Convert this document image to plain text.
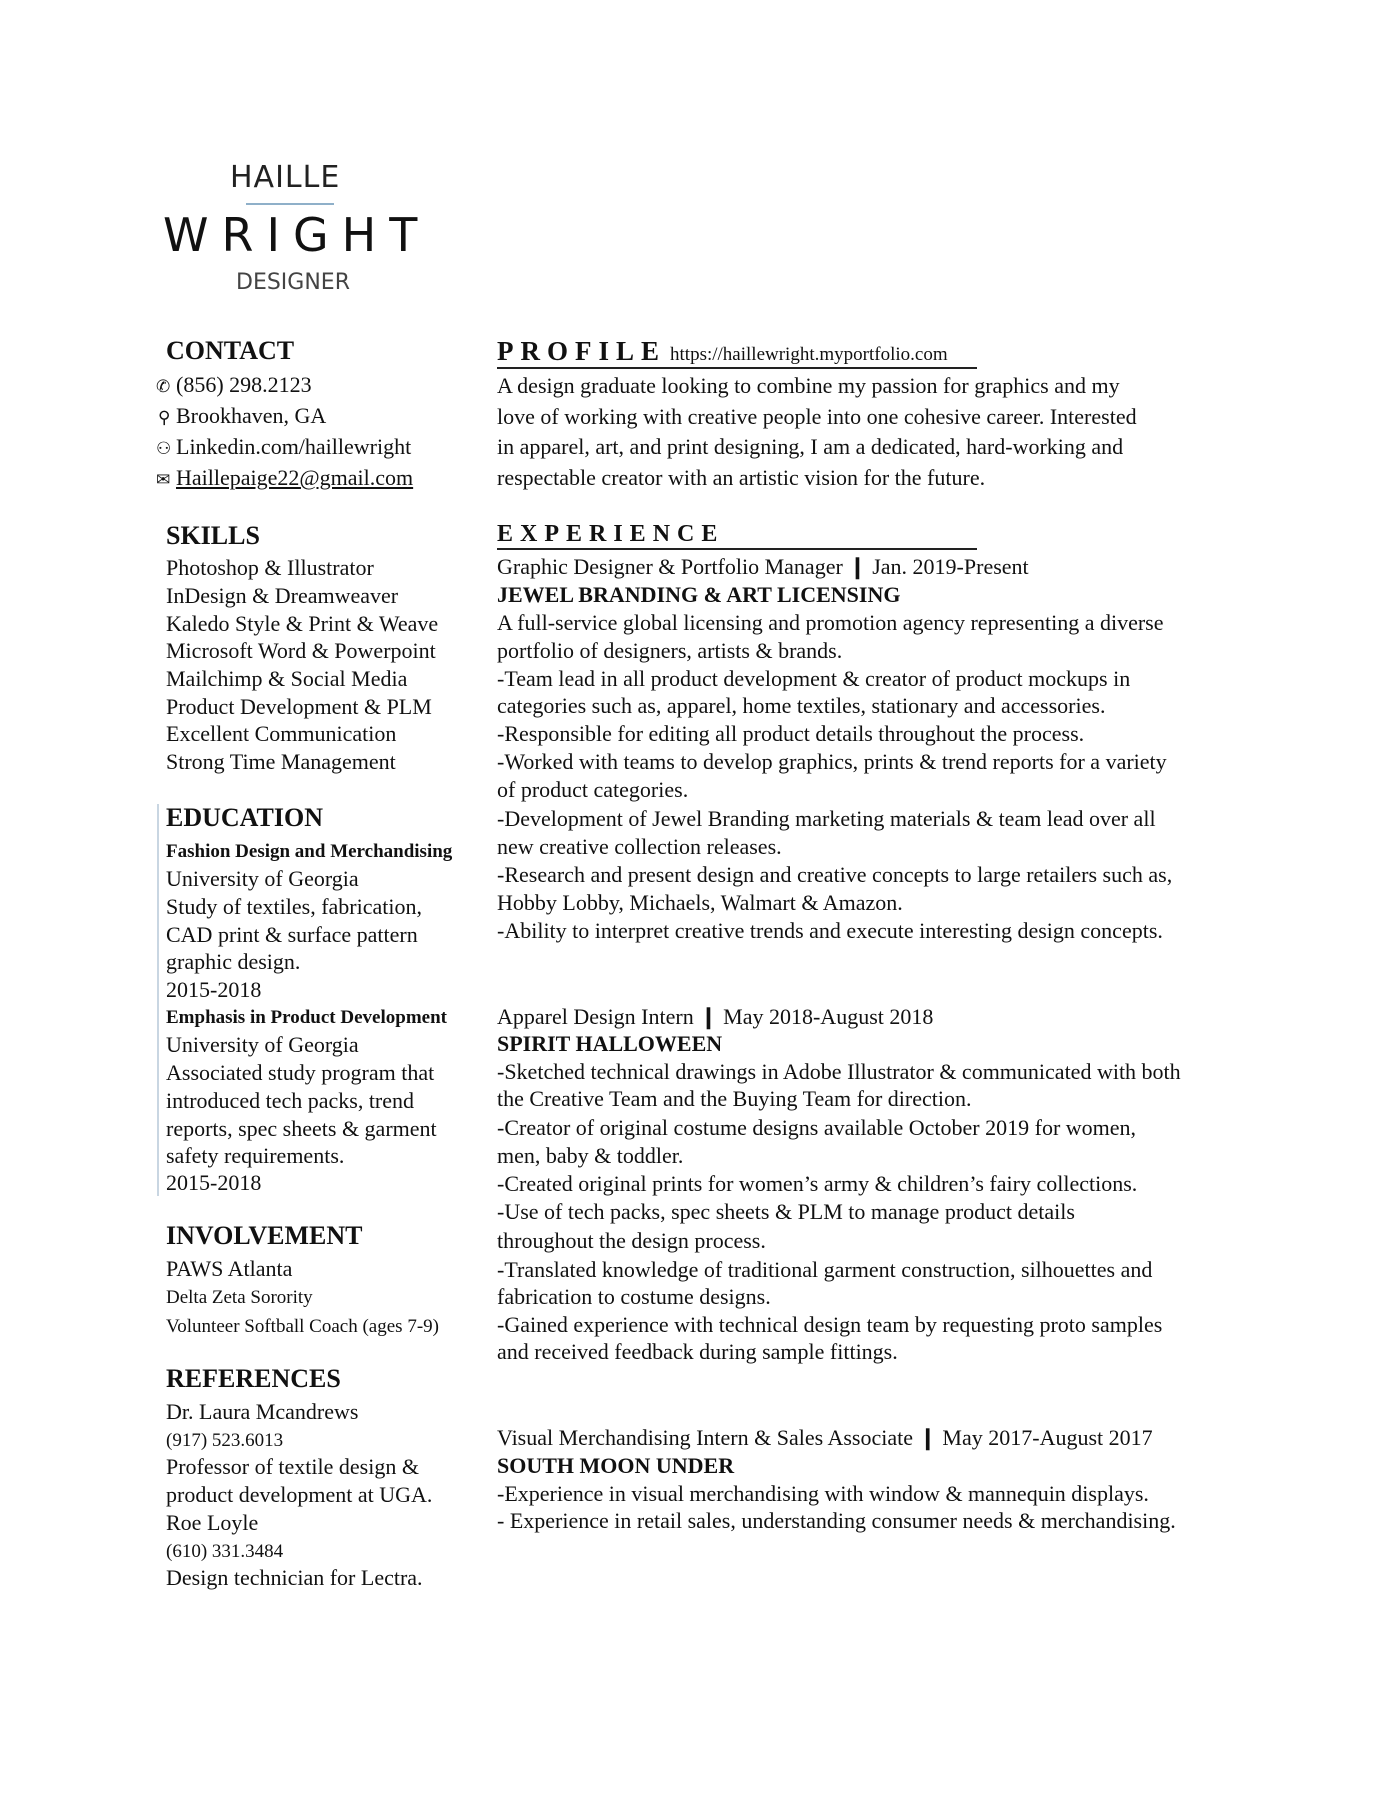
HAILLE
WRIGHT
DESIGNER
CONTACT
✆ (856) 298.2123
⚲ Brookhaven, GA
⚇ Linkedin.com/haillewright
✉ Haillepaige22@gmail.com
SKILLS
Photoshop & Illustrator
InDesign & Dreamweaver
Kaledo Style & Print & Weave
Microsoft Word & Powerpoint
Mailchimp & Social Media
Product Development & PLM
Excellent Communication
Strong Time Management
EDUCATION
Fashion Design and Merchandising
University of Georgia
Study of textiles, fabrication,
CAD print & surface pattern
graphic design.
2015-2018
Emphasis in Product Development
University of Georgia
Associated study program that
introduced tech packs, trend
reports, spec sheets & garment
safety requirements.
2015-2018
INVOLVEMENT
PAWS Atlanta
Delta Zeta Sorority
Volunteer Softball Coach (ages 7-9)
REFERENCES
Dr. Laura Mcandrews
(917) 523.6013
Professor of textile design &
product development at UGA.
Roe Loyle
(610) 331.3484
Design technician for Lectra.
PROFILE https://haillewright.myportfolio.com
A design graduate looking to combine my passion for graphics and my
love of working with creative people into one cohesive career. Interested
in apparel, art, and print designing, I am a dedicated, hard-working and
respectable creator with an artistic vision for the future.
EXPERIENCE
Graphic Designer & Portfolio Manager ❙ Jan. 2019-Present
JEWEL BRANDING & ART LICENSING
A full-service global licensing and promotion agency representing a diverse
portfolio of designers, artists & brands.
-Team lead in all product development & creator of product mockups in
categories such as, apparel, home textiles, stationary and accessories.
-Responsible for editing all product details throughout the process.
-Worked with teams to develop graphics, prints & trend reports for a variety
of product categories.
-Development of Jewel Branding marketing materials & team lead over all
new creative collection releases.
-Research and present design and creative concepts to large retailers such as,
Hobby Lobby, Michaels, Walmart & Amazon.
-Ability to interpret creative trends and execute interesting design concepts.
Apparel Design Intern ❙ May 2018-August 2018
SPIRIT HALLOWEEN
-Sketched technical drawings in Adobe Illustrator & communicated with both
the Creative Team and the Buying Team for direction.
-Creator of original costume designs available October 2019 for women,
men, baby & toddler.
-Created original prints for women’s army & children’s fairy collections.
-Use of tech packs, spec sheets & PLM to manage product details
throughout the design process.
-Translated knowledge of traditional garment construction, silhouettes and
fabrication to costume designs.
-Gained experience with technical design team by requesting proto samples
and received feedback during sample fittings.
Visual Merchandising Intern & Sales Associate ❙ May 2017-August 2017
SOUTH MOON UNDER
-Experience in visual merchandising with window & mannequin displays.
- Experience in retail sales, understanding consumer needs & merchandising.
